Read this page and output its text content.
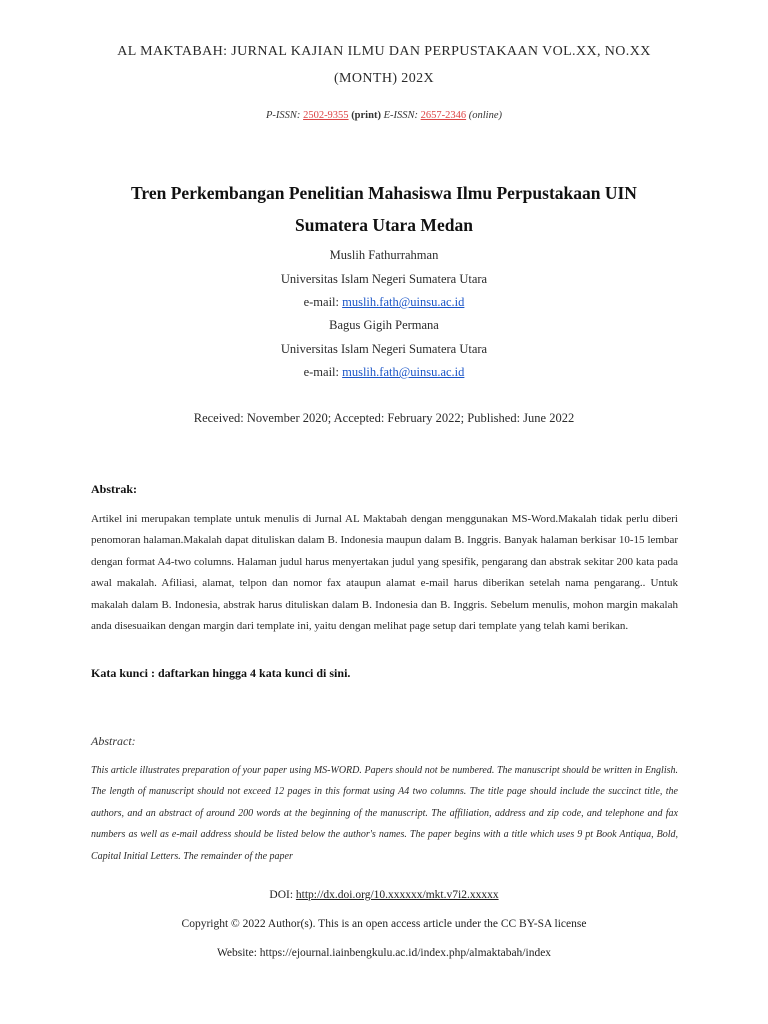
AL MAKTABAH: JURNAL KAJIAN ILMU DAN PERPUSTAKAAN VOL.XX, NO.XX
(MONTH) 202X
P-ISSN: 2502-9355 (print) E-ISSN: 2657-2346 (online)
Tren Perkembangan Penelitian Mahasiswa Ilmu Perpustakaan UIN
Sumatera Utara Medan
Muslih Fathurrahman
Universitas Islam Negeri Sumatera Utara
e-mail: muslih.fath@uinsu.ac.id
Bagus Gigih Permana
Universitas Islam Negeri Sumatera Utara
e-mail: muslih.fath@uinsu.ac.id
Received: November 2020; Accepted: February 2022; Published: June 2022
Abstrak:
Artikel ini merupakan template untuk menulis di Jurnal AL Maktabah dengan menggunakan MS-Word.Makalah tidak perlu diberi penomoran halaman.Makalah dapat dituliskan dalam B. Indonesia maupun dalam B. Inggris. Banyak halaman berkisar 10-15 lembar dengan format A4-two columns. Halaman judul harus menyertakan judul yang spesifik, pengarang dan abstrak sekitar 200 kata pada awal makalah. Afiliasi, alamat, telpon dan nomor fax ataupun alamat e-mail harus diberikan setelah nama pengarang.. Untuk makalah dalam B. Indonesia, abstrak harus dituliskan dalam B. Indonesia dan B. Inggris. Sebelum menulis, mohon margin makalah anda disesuaikan dengan margin dari template ini, yaitu dengan melihat page setup dari template yang telah kami berikan.
Kata kunci : daftarkan hingga 4 kata kunci di sini.
Abstract:
This article illustrates preparation of your paper using MS-WORD. Papers should not be numbered. The manuscript should be written in English. The length of manuscript should not exceed 12 pages in this format using A4 two columns. The title page should include the succinct title, the authors, and an abstract of around 200 words at the beginning of the manuscript. The affiliation, address and zip code, and telephone and fax numbers as well as e-mail address should be listed below the author's names. The paper begins with a title which uses 9 pt Book Antiqua, Bold, Capital Initial Letters. The remainder of the paper
DOI: http://dx.doi.org/10.xxxxxx/mkt.v7i2.xxxxx
Copyright © 2022 Author(s). This is an open access article under the CC BY-SA license
Website: https://ejournal.iainbengkulu.ac.id/index.php/almaktabah/index
